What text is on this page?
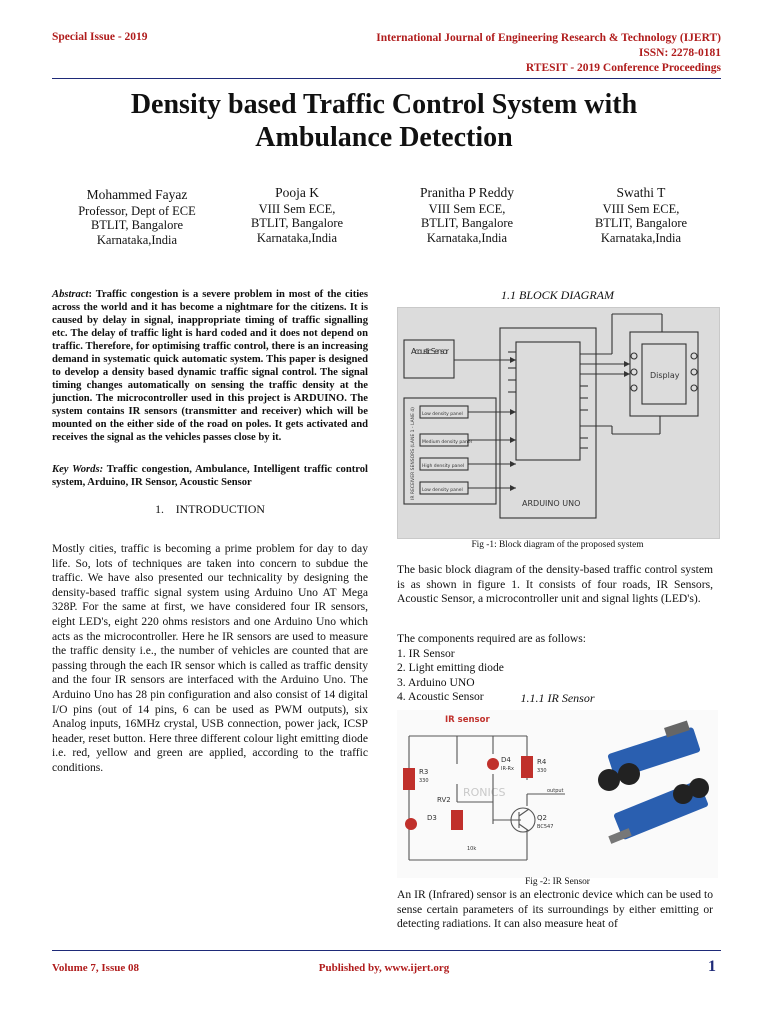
Special Issue - 2019	International Journal of Engineering Research & Technology (IJERT)
ISSN: 2278-0181
RTESIT - 2019 Conference Proceedings
Density based Traffic Control System with
Ambulance Detection
Mohammed Fayaz
Professor, Dept of ECE
BTLIT, Bangalore
Karnataka,India
Pooja K
VIII Sem ECE,
BTLIT, Bangalore
Karnataka,India
Pranitha P Reddy
VIII Sem ECE,
BTLIT, Bangalore
Karnataka,India
Swathi T
VIII Sem ECE,
BTLIT, Bangalore
Karnataka,India
Abstract: Traffic congestion is a severe problem in most of the cities across the world and it has become a nightmare for the citizens. It is caused by delay in signal, inappropriate timing of traffic signalling etc. The delay of traffic light is hard coded and it does not depend on traffic. Therefore, for optimising traffic control, there is an increasing demand in systematic quick automatic system. This paper is designed to develop a density based dynamic traffic signal control. The signal timing changes automatically on sensing the traffic density at the junction. The microcontroller used in this project is ARDUINO. The system contains IR sensors (transmitter and receiver) which will be mounted on the either side of the road on poles. It gets activated and receives the signal as the vehicles passes close by it.
Key Words: Traffic congestion, Ambulance, Intelligent traffic control system, Arduino, IR Sensor, Acoustic Sensor
1.    INTRODUCTION
Mostly cities, traffic is becoming a prime problem for day to day life. So, lots of techniques are taken into concern to subdue the traffic. We have also presented our technicality by designing the density-based traffic signal system using Arduino Uno AT Mega 328P. For the same at first, we have considered four IR sensors, eight LED's, eight 220 ohms resistors and one Arduino Uno which acts as the microcontroller. Here he IR sensors are used to measure the traffic density i.e., the number of vehicles are counted that are passing through the each IR sensor which is called as traffic density and the four IR sensors are interfaced with the Arduino Uno. The Arduino Uno has 28 pin configuration and also consist of 14 digital I/O pins (out of 14 pins, 6 can be used as PWM outputs), six Analog inputs, 16MHz crystal, USB connection, power jack, ICSP header, reset button. Here three different colour light emitting diode i.e. red, yellow and green are applied, according to the traffic conditions.
1.1 BLOCK DIAGRAM
Acoustic Sensor
Low density panel
Medium density panel
High density panel
Low density panel
IR RECEIVER SENSORS (LANE 1 - LANE 4)
ARDUINO UNO
Display
Fig -1: Block diagram of the proposed system
The basic block diagram of the density-based traffic control system is as shown in figure 1. It consists of four roads, IR Sensors, Acoustic Sensor, a microcontroller unit and signal lights (LED's).
The components required are as follows:
1. IR Sensor
2. Light emitting diode
3. Arduino UNO
4. Acoustic Sensor	1.1.1 IR Sensor
IR sensor
RONICS
R3
330
D4
IR-Rx
R4
330
RV2
D3	Q2
BC547
output
10k
Fig -2: IR Sensor
An IR (Infrared) sensor is an electronic device which can be used to sense certain parameters of its surroundings by either emitting or detecting radiations. It can also measure heat of
Volume 7, Issue 08	Published by, www.ijert.org	1
